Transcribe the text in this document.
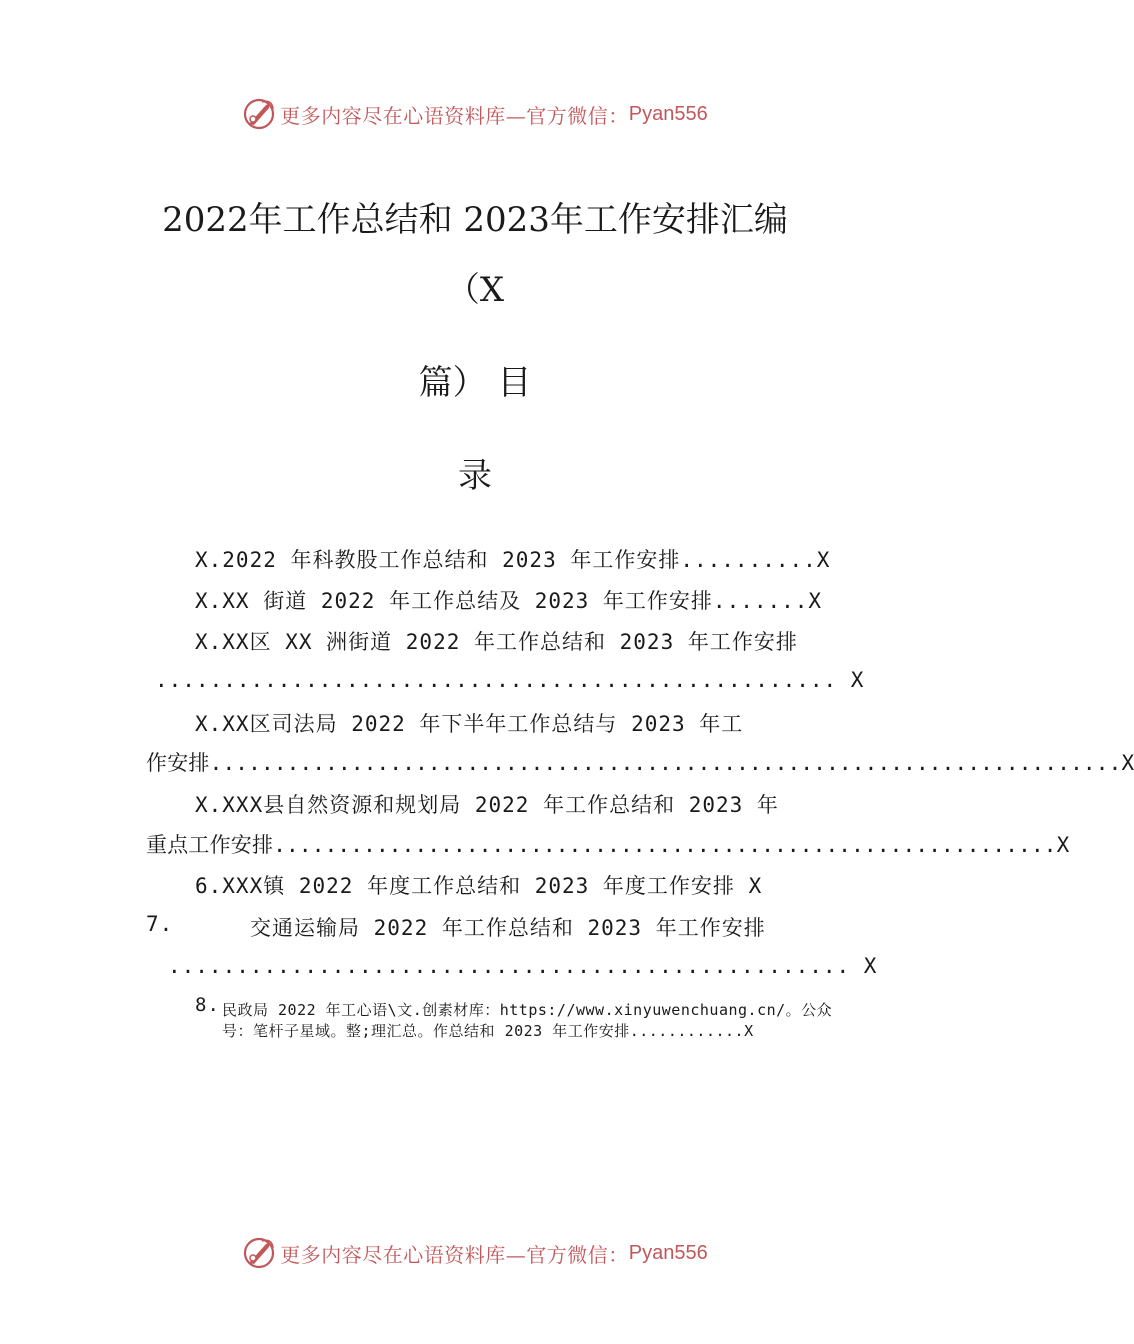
更多内容尽在心语资料库—官方微信： Pyan556
2022年工作总结和 2023年工作安排汇编
（X
篇） 目
录
X.2022 年科教股工作总结和 2023 年工作安排..........X
X.XX 街道 2022 年工作总结及 2023 年工作安排.......X
X.XX区 XX 洲街道 2022 年工作总结和 2023 年工作安排
.................................................. X
X.XX区司法局 2022 年下半年工作总结与 2023 年工
作安排.......................................................................X
X.XXX县自然资源和规划局 2022 年工作总结和 2023 年
重点工作安排.............................................................X
6.XXX镇 2022 年度工作总结和 2023 年度工作安排 X
7.	交通运输局 2022 年工作总结和 2023 年工作安排
.................................................. X
8. 民政局 2022 年工心语\文.创素材库：https://www.xinyuwenchuang.cn/。公众
号：笔杆子星域。整;理汇总。作总结和 2023 年工作安排............X
更多内容尽在心语资料库—官方微信： Pyan556
